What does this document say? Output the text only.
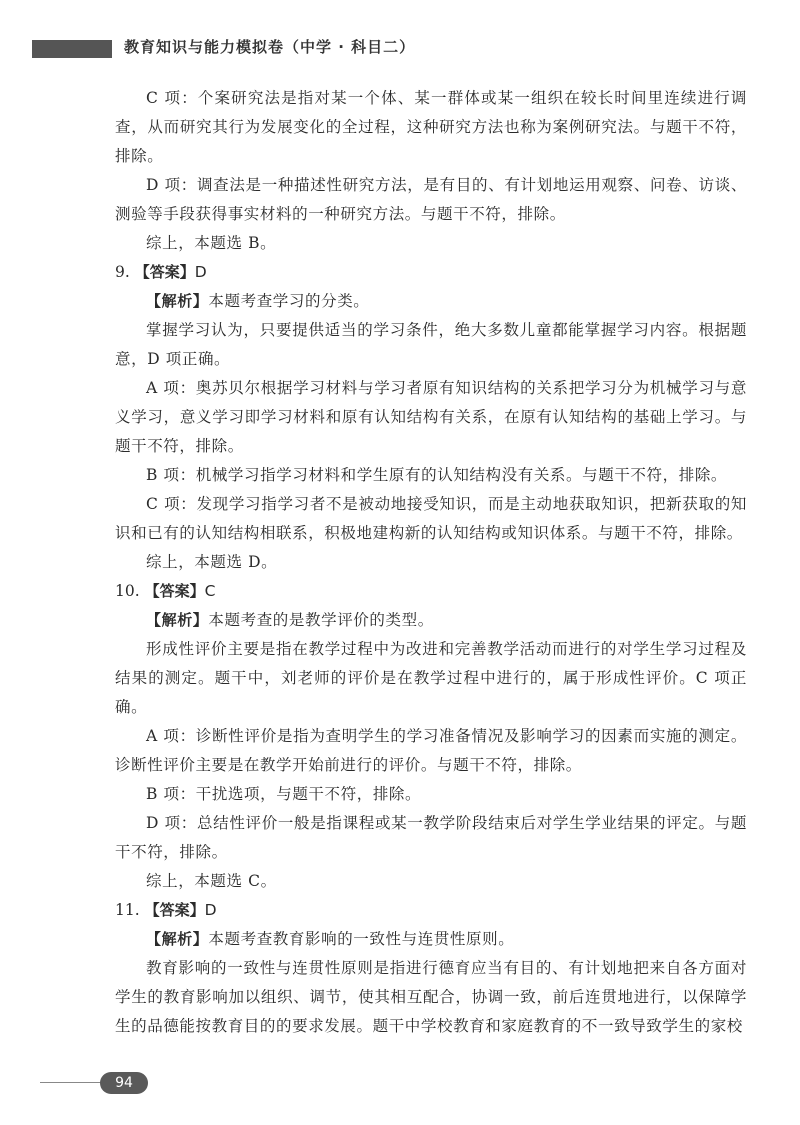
教育知识与能力模拟卷（中学 · 科目二）

C 项：个案研究法是指对某一个体、某一群体或某一组织在较长时间里连续进行调查，从而研究其行为发展变化的全过程，这种研究方法也称为案例研究法。与题干不符，排除。

D 项：调查法是一种描述性研究方法，是有目的、有计划地运用观察、问卷、访谈、测验等手段获得事实材料的一种研究方法。与题干不符，排除。

综上，本题选 B。

9. 【答案】D

【解析】本题考查学习的分类。

掌握学习认为，只要提供适当的学习条件，绝大多数儿童都能掌握学习内容。根据题意，D 项正确。

A 项：奥苏贝尔根据学习材料与学习者原有知识结构的关系把学习分为机械学习与意义学习，意义学习即学习材料和原有认知结构有关系，在原有认知结构的基础上学习。与题干不符，排除。

B 项：机械学习指学习材料和学生原有的认知结构没有关系。与题干不符，排除。

C 项：发现学习指学习者不是被动地接受知识，而是主动地获取知识，把新获取的知识和已有的认知结构相联系，积极地建构新的认知结构或知识体系。与题干不符，排除。

综上，本题选 D。

10. 【答案】C

【解析】本题考查的是教学评价的类型。

形成性评价主要是指在教学过程中为改进和完善教学活动而进行的对学生学习过程及结果的测定。题干中，刘老师的评价是在教学过程中进行的，属于形成性评价。C 项正确。

A 项：诊断性评价是指为查明学生的学习准备情况及影响学习的因素而实施的测定。诊断性评价主要是在教学开始前进行的评价。与题干不符，排除。

B 项：干扰选项，与题干不符，排除。

D 项：总结性评价一般是指课程或某一教学阶段结束后对学生学业结果的评定。与题干不符，排除。

综上，本题选 C。

11. 【答案】D

【解析】本题考查教育影响的一致性与连贯性原则。

教育影响的一致性与连贯性原则是指进行德育应当有目的、有计划地把来自各方面对学生的教育影响加以组织、调节，使其相互配合，协调一致，前后连贯地进行，以保障学生的品德能按教育目的的要求发展。题干中学校教育和家庭教育的不一致导致学生的家校

94
